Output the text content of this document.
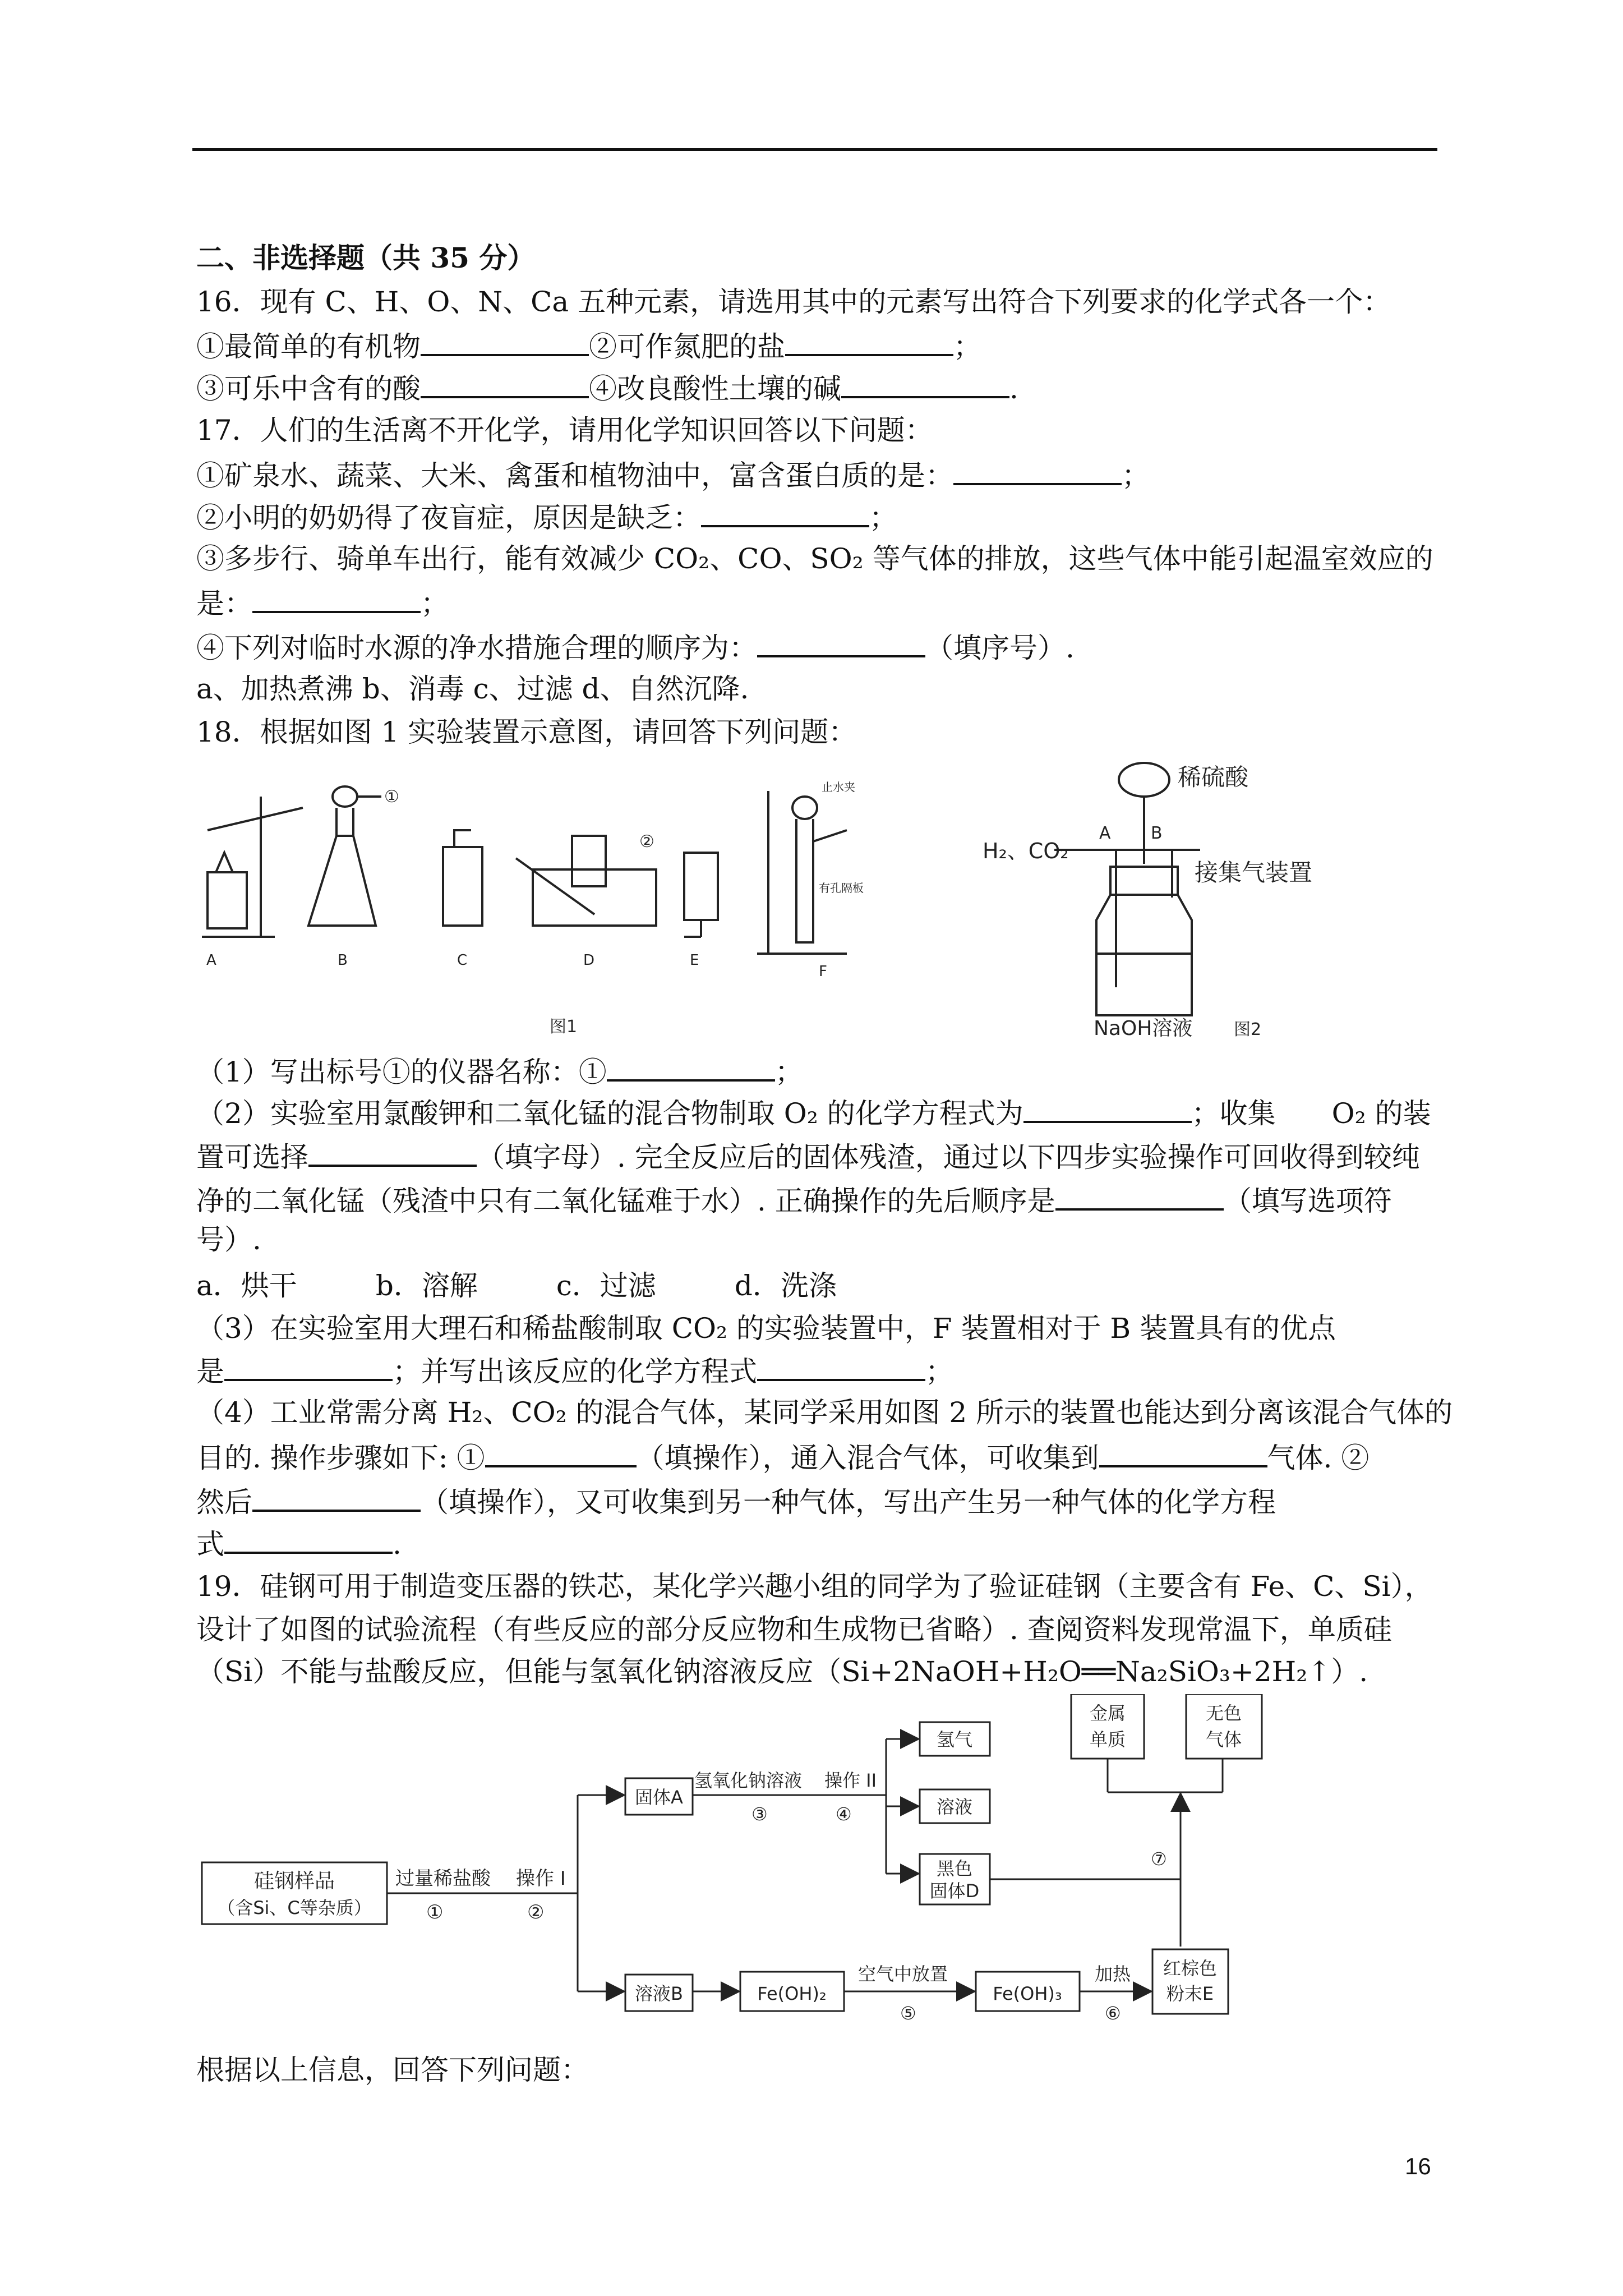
二、非选择题（共 35 分）
16．现有 C、H、O、N、Ca 五种元素，请选用其中的元素写出符合下列要求的化学式各一个：
①最简单的有机物	②可作氮肥的盐	；
③可乐中含有的酸	④改良酸性土壤的碱	.
17．人们的生活离不开化学，请用化学知识回答以下问题：
①矿泉水、蔬菜、大米、禽蛋和植物油中，富含蛋白质的是：	；
②小明的奶奶得了夜盲症，原因是缺乏：	；
③多步行、骑单车出行，能有效减少 CO₂、CO、SO₂ 等气体的排放，这些气体中能引起温室效应的
是：	；
④下列对临时水源的净水措施合理的顺序为：	（填序号）.
a、加热煮沸 b、消毒 c、过滤 d、自然沉降.
18．根据如图 1 实验装置示意图，请回答下列问题：
A	B	C	D	E
F
①
②
止水夹
有孔隔板
图1
H₂、CO₂
稀硫酸
A B
接集气装置
NaOH溶液 图2
（1）写出标号①的仪器名称：①	；
（2）实验室用氯酸钾和二氧化锰的混合物制取 O₂ 的化学方程式为	；收集　　O₂ 的装
置可选择	（填字母）. 完全反应后的固体残渣，通过以下四步实验操作可回收得到较纯
净的二氧化锰（残渣中只有二氧化锰难于水）. 正确操作的先后顺序是	（填写选项符
号）.
a．烘干	b．溶解	c．过滤	d．洗涤
（3）在实验室用大理石和稀盐酸制取 CO₂ 的实验装置中，F 装置相对于 B 装置具有的优点
是	；并写出该反应的化学方程式	；
（4）工业常需分离 H₂、CO₂ 的混合气体，某同学采用如图 2 所示的装置也能达到分离该混合气体的
目的. 操作步骤如下: ①	（填操作），通入混合气体，可收集到	气体. ②
然后	（填操作），又可收集到另一种气体，写出产生另一种气体的化学方程
式	.
19．硅钢可用于制造变压器的铁芯，某化学兴趣小组的同学为了验证硅钢（主要含有 Fe、C、Si），
设计了如图的试验流程（有些反应的部分反应物和生成物已省略）. 查阅资料发现常温下，单质硅
（Si）不能与盐酸反应，但能与氢氧化钠溶液反应（Si+2NaOH+H₂O══Na₂SiO₃+2H₂↑）.
硅钢样品
（含Si、C等杂质）
过量稀盐酸 操作 I
①	②
固体A
氢氧化钠溶液 操作 II
③	④
氢气
溶液
黑色
固体D
金属
单质
无色
气体
⑦
溶液B	Fe(OH)₂
空气中放置
⑤
Fe(OH)₃
加热
⑥
红棕色
粉末E
根据以上信息，回答下列问题：
16
